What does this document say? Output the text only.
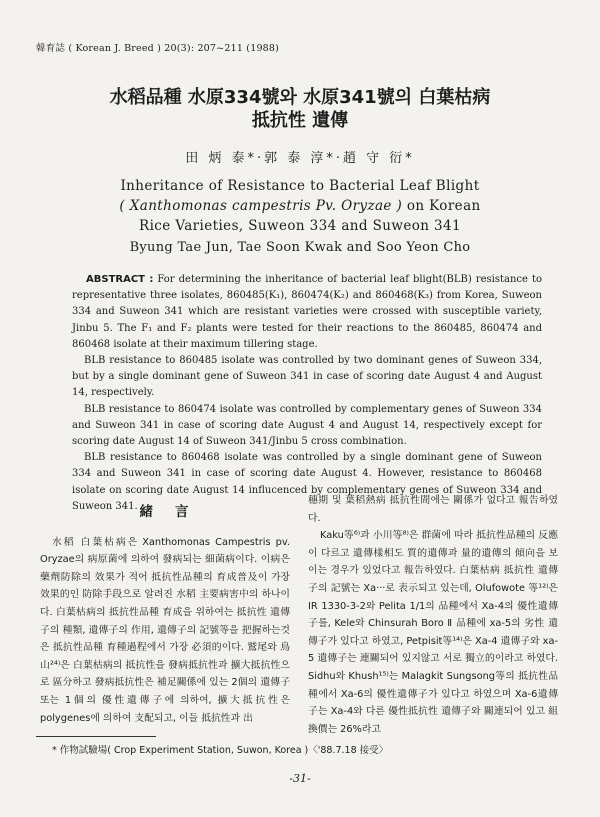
韓育誌 ( Korean J. Breed ) 20(3): 207~211 (1988)
水稻品種 水原334號와 水原341號의 白葉枯病
抵抗性 遺傳
田 炳 泰*·郭 泰 淳*·趙 守 衍*
Inheritance of Resistance to Bacterial Leaf Blight
( Xanthomonas campestris Pv. Oryzae ) on Korean
Rice Varieties, Suweon 334 and Suweon 341
Byung Tae Jun, Tae Soon Kwak and Soo Yeon Cho

ABSTRACT : For determining the inheritance of bacterial leaf blight(BLB) resistance to representative three isolates, 860485(K₁), 860474(K₂) and 860468(K₃) from Korea, Suweon 334 and Suweon 341 which are resistant varieties were crossed with susceptible variety, Jinbu 5. The F₁ and F₂ plants were tested for their reactions to the 860485, 860474 and 860468 isolate at their maximum tillering stage.

BLB resistance to 860485 isolate was controlled by two dominant genes of Suweon 334, but by a single dominant gene of Suweon 341 in case of scoring date August 4 and August 14, respectively.

BLB resistance to 860474 isolate was controlled by complementary genes of Suweon 334 and Suweon 341 in case of scoring date August 4 and August 14, respectively except for scoring date August 14 of Suweon 341/Jinbu 5 cross combination.

BLB resistance to 860468 isolate was controlled by a single dominant gene of Suweon 334 and Suweon 341 in case of scoring date August 4. However, resistance to 860468 isolate on scoring date August 14 influcenced by complementary genes of Suweon 334 and Suweon 341. 緒言

水稻 白葉枯病은 Xanthomonas Campestris pv. Oryzae의 病原菌에 의하여 發病되는 細菌病이다. 이病은 藥劑防除의 效果가 적어 抵抗性品種의 育成普及이 가장 效果的인 防除手段으로 알려진 水稻 主要病害中의 하나이다. 白葉枯病의 抵抗性品種 育成을 위하여는 抵抗性 遺傳子의 種類, 遺傳子의 作用, 遺傳子의 記號等을 把握하는것은 抵抗性品種 育種過程에서 가장 必須的이다. 鷲尾와 鳥山²⁴⁾은 白葉枯病의 抵抗性을 發病抵抗性과 擴大抵抗性으로 區分하고 發病抵抗性은 補足關係에 있는 2個의 遺傳子 또는 1個의 優性遺傳子에 의하여, 擴大抵抗性은 polygenes에 의하여 支配되고, 이들 抵抗性과 出

穗期 및 葉稻熱病 抵抗性間에는 關係가 없다고 報告하였다.

Kaku等⁶⁾과 小川等⁸⁾은 群菌에 따라 抵抗性品種의 反應이 다르고 遺傳樣相도 質的遺傳과 量的遺傳의 傾向을 보이는 경우가 있었다고 報告하였다. 白葉枯病 抵抗性 遺傳子의 記號는 Xa···로 表示되고 있는데, Olufowote 等¹²⁾은 IR 1330-3-2와 Pelita 1/1의 品種에서 Xa-4의 優性遺傳子를, Kele와 Chinsurah Boro Ⅱ 品種에 xa-5의 劣性 遺傳子가 있다고 하였고, Petpisit等¹⁴⁾은 Xa-4 遺傳子와 xa-5 遺傳子는 連關되어 있지않고 서로 獨立的이라고 하였다. Sidhu와 Khush¹⁵⁾는 Malagkit Sungsong等의 抵抗性品種에서 Xa-6의 優性遺傳子가 있다고 하였으며 Xa-6遺傳子는 Xa-4와 다른 優性抵抗性 遺傳子와 關連되어 있고 組換價는 26%라고

* 作物試驗場( Crop Experiment Station, Suwon, Korea )〈'88.7.18 接受〉
-31-
